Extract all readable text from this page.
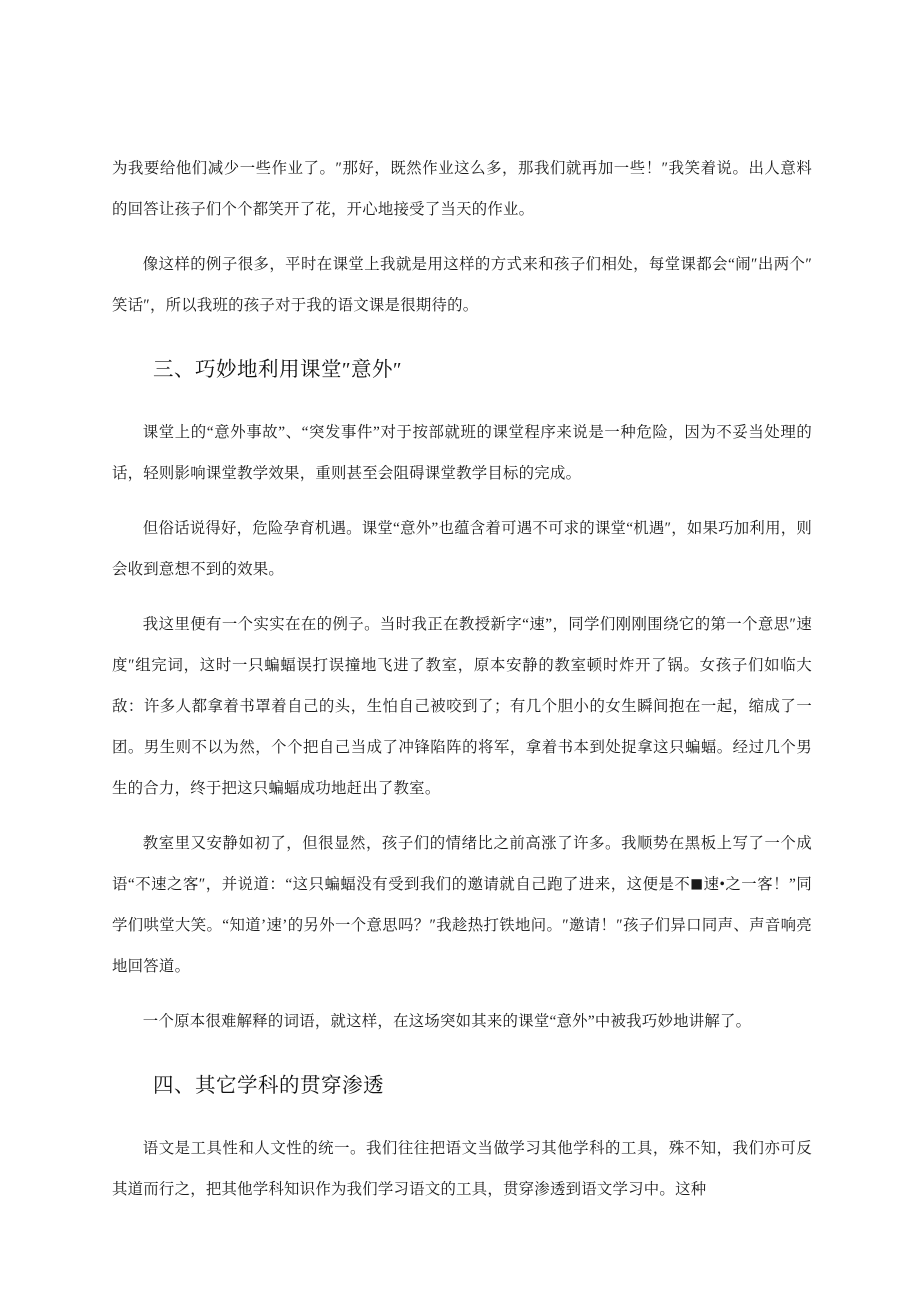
为我要给他们减少一些作业了。″那好，既然作业这么多，那我们就再加一些！″我笑着说。出人意料的回答让孩子们个个都笑开了花，开心地接受了当天的作业。

像这样的例子很多，平时在课堂上我就是用这样的方式来和孩子们相处，每堂课都会“闹″出两个″笑话″，所以我班的孩子对于我的语文课是很期待的。

三、巧妙地利用课堂″意外″

课堂上的“意外事故”、“突发事件”对于按部就班的课堂程序来说是一种危险，因为不妥当处理的话，轻则影响课堂教学效果，重则甚至会阻碍课堂教学目标的完成。

但俗话说得好，危险孕育机遇。课堂“意外”也蕴含着可遇不可求的课堂“机遇″，如果巧加利用，则会收到意想不到的效果。

我这里便有一个实实在在的例子。当时我正在教授新字“速”，同学们刚刚围绕它的第一个意思″速度″组完词，这时一只蝙蝠误打误撞地飞进了教室，原本安静的教室顿时炸开了锅。女孩子们如临大敌：许多人都拿着书罩着自己的头，生怕自己被咬到了；有几个胆小的女生瞬间抱在一起，缩成了一团。男生则不以为然，个个把自己当成了冲锋陷阵的将军，拿着书本到处捉拿这只蝙蝠。经过几个男生的合力，终于把这只蝙蝠成功地赶出了教室。

教室里又安静如初了，但很显然，孩子们的情绪比之前高涨了许多。我顺势在黑板上写了一个成语“不速之客″，并说道：“这只蝙蝠没有受到我们的邀请就自己跑了进来，这便是不■速•之一客！”同学们哄堂大笑。“知道’速’的另外一个意思吗？″我趁热打铁地问。″邀请！″孩子们异口同声、声音响亮地回答道。

一个原本很难解释的词语，就这样，在这场突如其来的课堂“意外”中被我巧妙地讲解了。

四、其它学科的贯穿渗透

语文是工具性和人文性的统一。我们往往把语文当做学习其他学科的工具，殊不知，我们亦可反其道而行之，把其他学科知识作为我们学习语文的工具，贯穿渗透到语文学习中。这种
